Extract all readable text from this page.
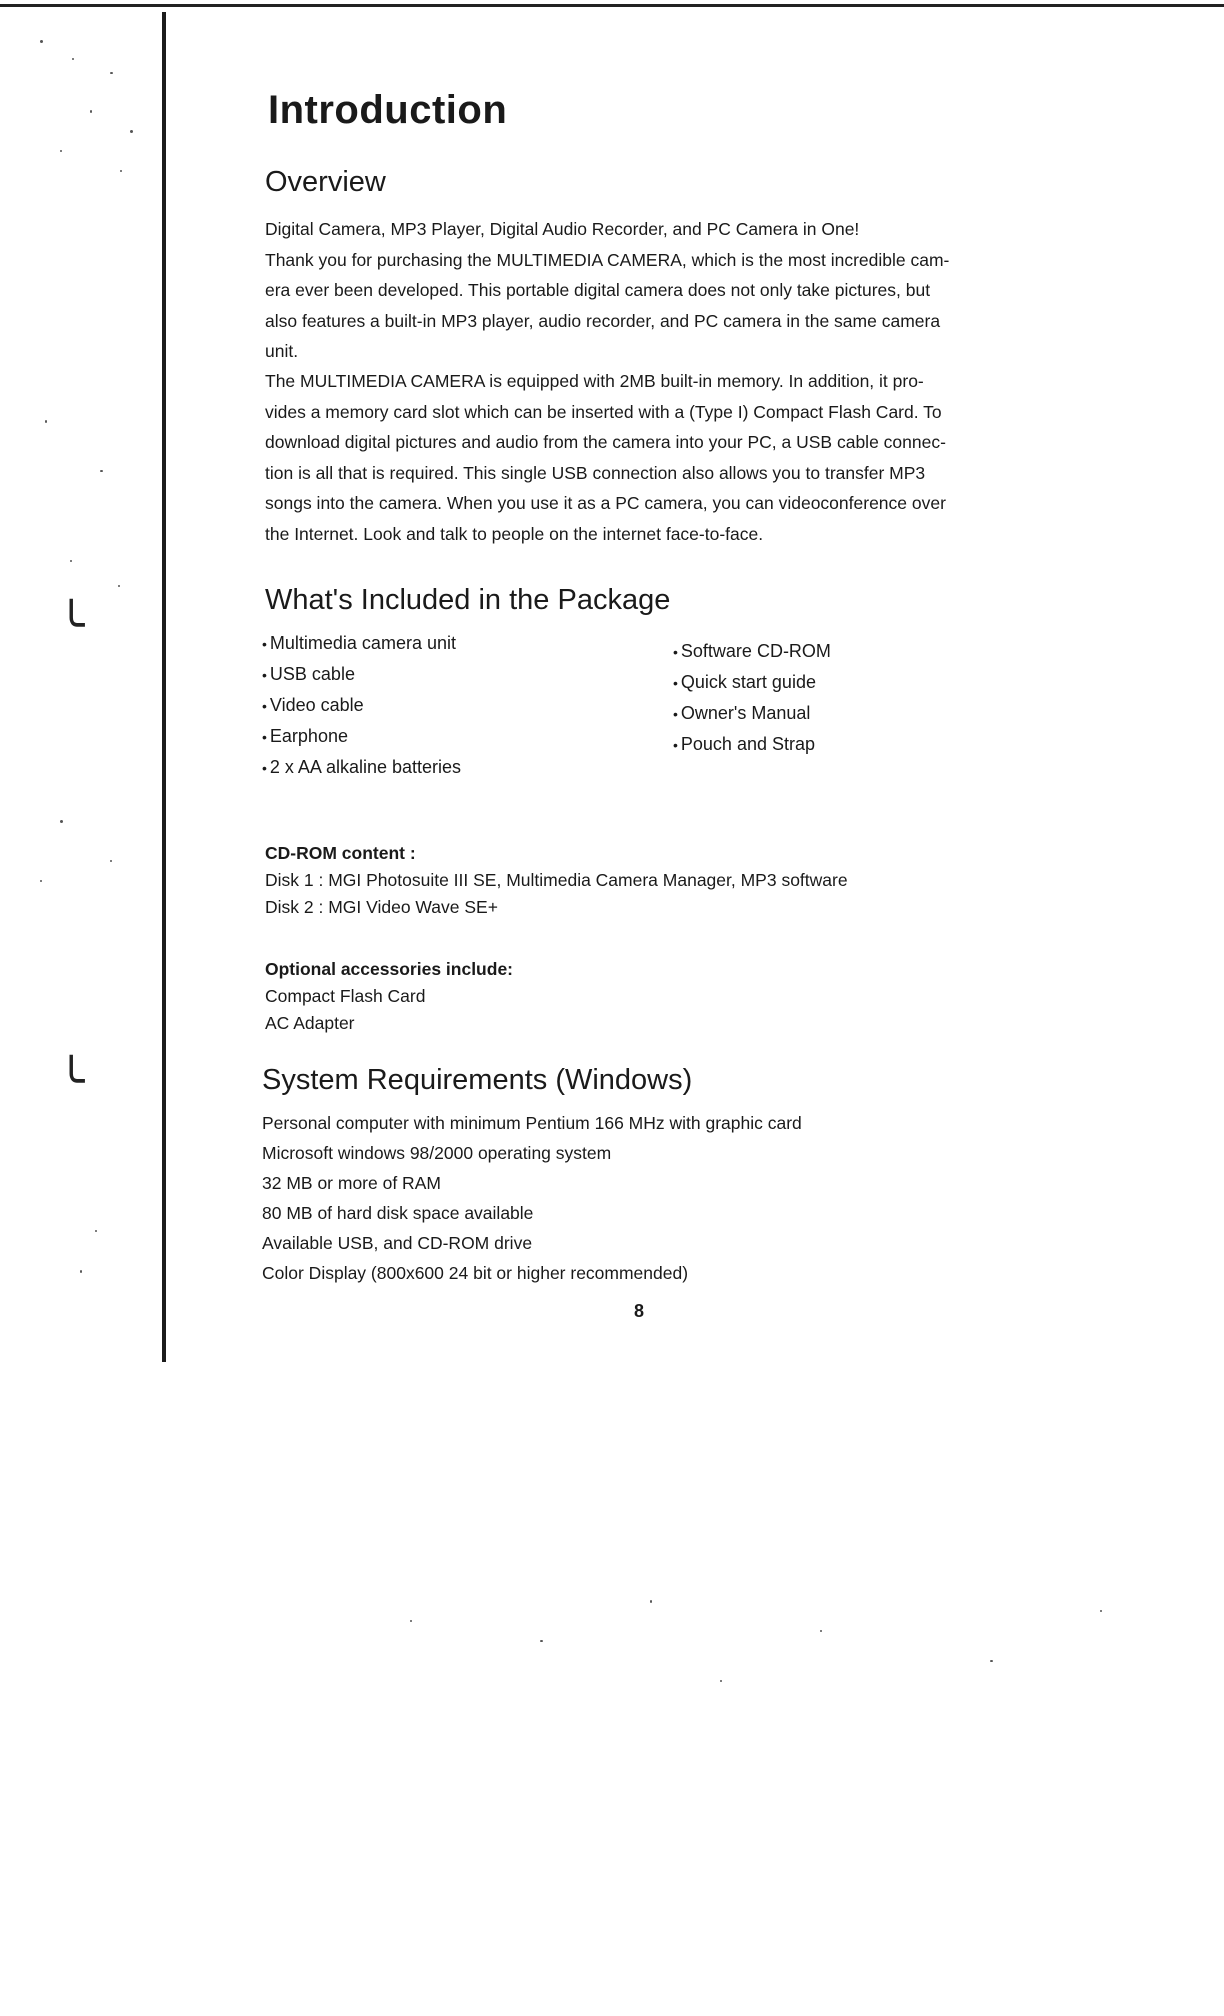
╰
╰
Introduction
Overview
Digital Camera, MP3 Player, Digital Audio Recorder, and PC Camera in One!
Thank you for purchasing the MULTIMEDIA CAMERA, which is the most incredible cam-
era ever been developed. This portable digital camera does not only take pictures, but
also features a built-in MP3 player, audio recorder, and PC camera in the same camera
unit.
The MULTIMEDIA CAMERA is equipped with 2MB built-in memory. In addition, it pro-
vides a memory card slot which can be inserted with a (Type I) Compact Flash Card. To
download digital pictures and audio from the camera into your PC, a USB cable connec-
tion is all that is required. This single USB connection also allows you to transfer MP3
songs into the camera. When you use it as a PC camera, you can videoconference over
the Internet. Look and talk to people on the internet face-to-face.
What's Included in the Package
• Multimedia camera unit
• USB cable
• Video cable
• Earphone
• 2 x AA alkaline batteries
• Software CD-ROM
• Quick start guide
• Owner's Manual
• Pouch and Strap
CD-ROM content :
Disk 1 : MGI Photosuite III SE, Multimedia Camera Manager, MP3 software
Disk 2 : MGI Video Wave SE+
Optional accessories include:
Compact Flash Card
AC Adapter
System Requirements (Windows)
Personal computer with minimum Pentium 166 MHz with graphic card
Microsoft windows 98/2000 operating system
32 MB or more of RAM
80 MB of hard disk space available
Available USB, and CD-ROM drive
Color Display (800x600 24 bit or higher recommended)
8
